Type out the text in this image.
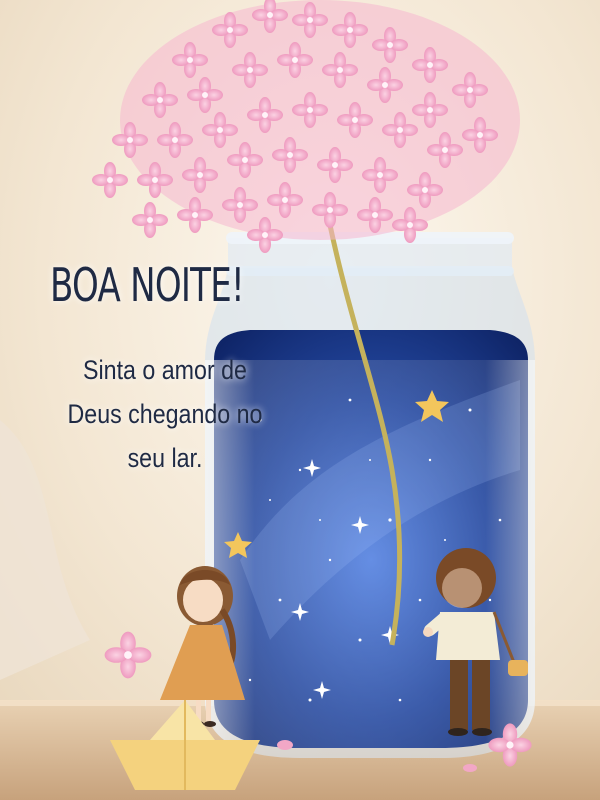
BOA NOITE!
Sinta o amor de
Deus chegando no
seu lar.
